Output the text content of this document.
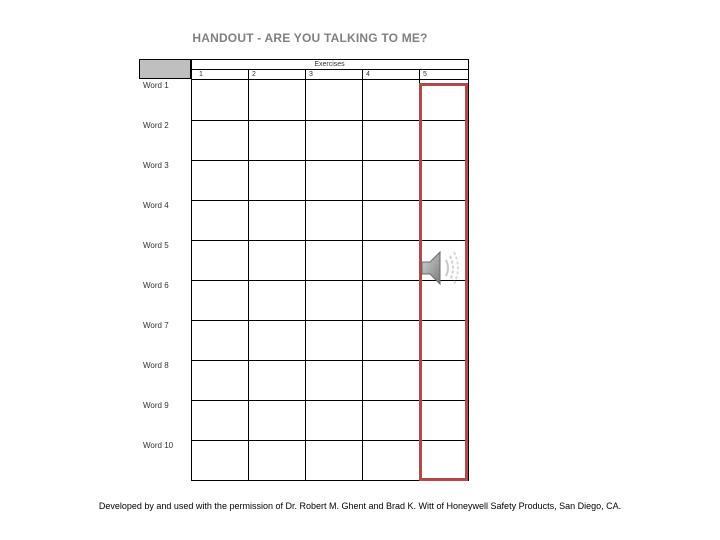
HANDOUT - ARE YOU TALKING TO ME?
Exercises
1	2	3	4	5
Word 1
Word 2
Word 3
Word 4
Word 5
Word 6
Word 7
Word 8
Word 9
Word 10
Developed by and used with the permission of Dr. Robert M. Ghent and Brad K. Witt of Honeywell Safety Products, San Diego, CA.
